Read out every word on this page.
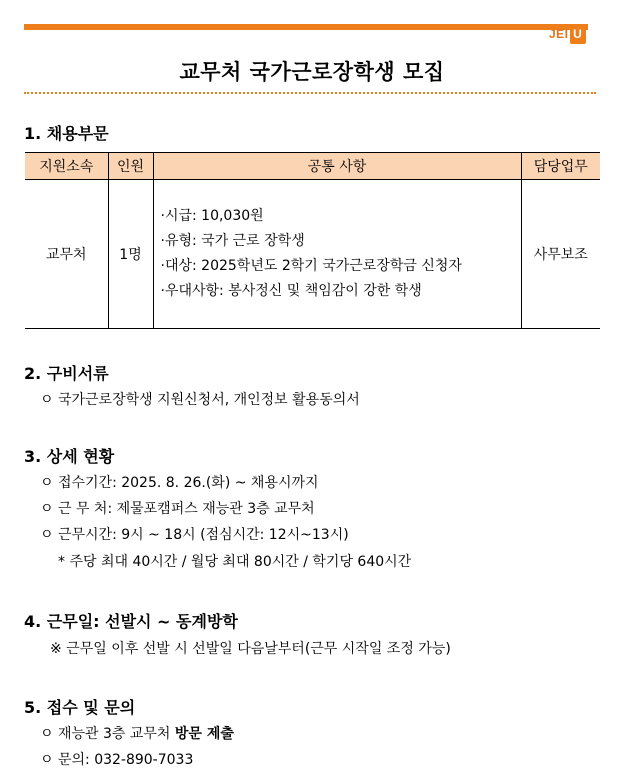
JEI U
교무처 국가근로장학생 모집
1. 채용부문
지원소속	인원	공통 사항	담당업무
교무처	1명	·시급: 10,030원
·유형: 국가 근로 장학생
·대상: 2025학년도 2학기 국가근로장학금 신청자
·우대사항: 봉사정신 및 책임감이 강한 학생	사무보조
2. 구비서류
ㅇ 국가근로장학생 지원신청서, 개인정보 활용동의서
3. 상세 현황
ㅇ 접수기간: 2025. 8. 26.(화) ~ 채용시까지
ㅇ 근 무 처: 제물포캠퍼스 재능관 3층 교무처
ㅇ 근무시간: 9시 ~ 18시 (점심시간: 12시~13시)
* 주당 최대 40시간 / 월당 최대 80시간 / 학기당 640시간
4. 근무일: 선발시 ~ 동계방학
※ 근무일 이후 선발 시 선발일 다음날부터(근무 시작일 조정 가능)
5. 접수 및 문의
ㅇ 재능관 3층 교무처 방문 제출
ㅇ 문의: 032-890-7033
